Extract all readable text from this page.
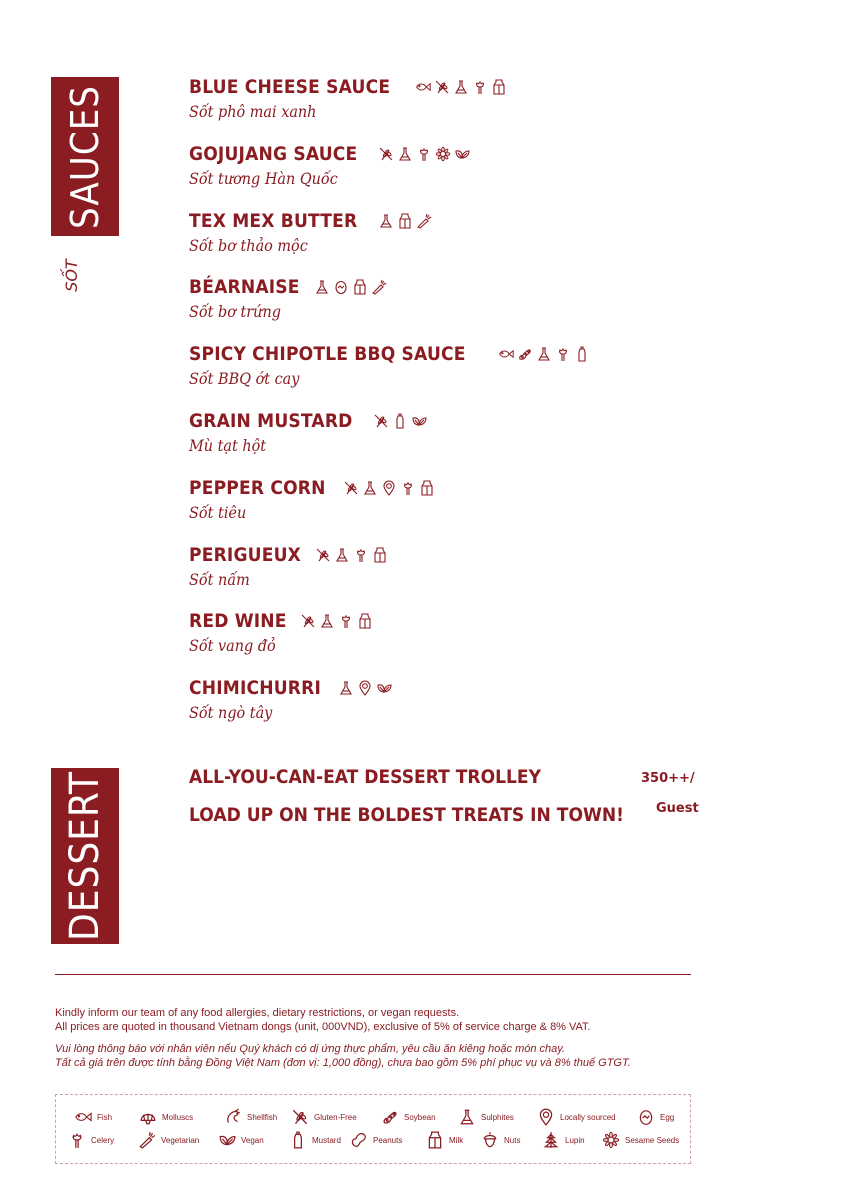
SAUCES
SỐT
DESSERT
BLUE CHEESE SAUCE
Sốt phô mai xanh
GOJUJANG SAUCE
Sốt tương Hàn Quốc
TEX MEX BUTTER
Sốt bơ thảo mộc
BÉARNAISE
Sốt bơ trứng
SPICY CHIPOTLE BBQ SAUCE
Sốt BBQ ớt cay
GRAIN MUSTARD
Mù tạt hột
PEPPER CORN
Sốt tiêu
PERIGUEUX
Sốt nấm
RED WINE
Sốt vang đỏ
CHIMICHURRI
Sốt ngò tây
ALL-YOU-CAN-EAT DESSERT TROLLEY
LOAD UP ON THE BOLDEST TREATS IN TOWN!
350++/
Guest
Kindly inform our team of any food allergies, dietary restrictions, or vegan requests.
All prices are quoted in thousand Vietnam dongs (unit, 000VND), exclusive of 5% of service charge & 8% VAT.
Vui lòng thông báo với nhân viên nếu Quý khách có dị ứng thực phẩm, yêu cầu ăn kiêng hoặc món chay.
Tất cả giá trên được tính bằng Đồng Việt Nam (đơn vị: 1,000 đồng), chưa bao gồm 5% phí phục vụ và 8% thuế GTGT.
Fish	Molluscs	Shellfish	Gluten-Free	Soybean	Sulphites	Locally sourced	Egg
Celery	Vegetarian	Vegan	Mustard	Peanuts	Milk	Nuts	Lupin	Sesame Seeds
